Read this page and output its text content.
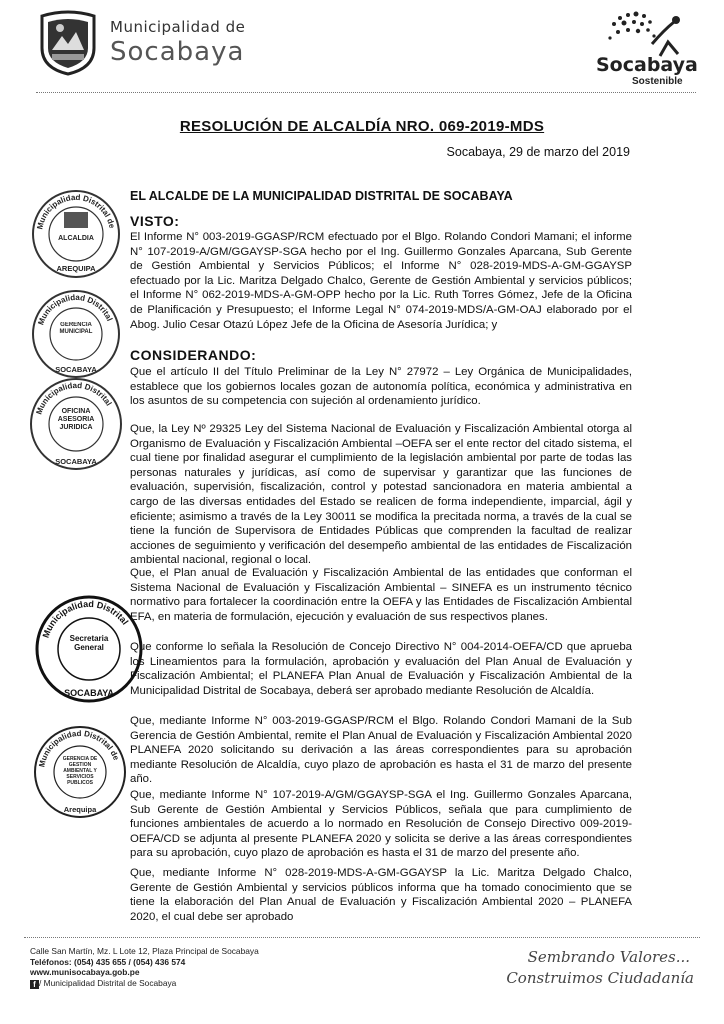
Municipalidad de
Socabaya	Socabaya
Sostenible
RESOLUCIÓN DE ALCALDÍA NRO. 069-2019-MDS
Socabaya, 29 de marzo del 2019
EL ALCALDE DE LA MUNICIPALIDAD DISTRITAL DE SOCABAYA
VISTO:
El Informe N° 003-2019-GGASP/RCM efectuado por el Blgo. Rolando Condori Mamani; el informe N° 107-2019-A/GM/GGAYSP-SGA hecho por el Ing. Guillermo Gonzales Aparcana, Sub Gerente de Gestión Ambiental y Servicios Públicos; el Informe N° 028-2019-MDS-A-GM-GGAYSP efectuado por la Lic. Maritza Delgado Chalco, Gerente de Gestión Ambiental y servicios públicos; el Informe N° 062-2019-MDS-A-GM-OPP hecho por la Lic. Ruth Torres Gómez, Jefe de la Oficina de Planificación y Presupuesto; el Informe Legal N° 074-2019-MDS/A-GM-OAJ elaborado por el Abog. Julio Cesar Otazú López Jefe de la Oficina de Asesoría Jurídica; y
CONSIDERANDO:
Que el artículo II del Título Preliminar de la Ley N° 27972 – Ley Orgánica de Municipalidades, establece que los gobiernos locales gozan de autonomía política, económica y administrativa en los asuntos de su competencia con sujeción al ordenamiento jurídico.
Que, la Ley Nº 29325 Ley del Sistema Nacional de Evaluación y Fiscalización Ambiental otorga al Organismo de Evaluación y Fiscalización Ambiental –OEFA ser el ente rector del citado sistema, el cual tiene por finalidad asegurar el cumplimiento de la legislación ambiental por parte de todas las personas naturales y jurídicas, así como de supervisar y garantizar que las funciones de evaluación, supervisión, fiscalización, control y potestad sancionadora en materia ambiental a cargo de las diversas entidades del Estado se realicen de forma independiente, imparcial, ágil y eficiente; asimismo a través de la Ley 30011 se modifica la precitada norma, a través de la cual se tiene la función de Supervisora de Entidades Públicas que comprenden la facultad de realizar acciones de seguimiento y verificación del desempeño ambiental de las entidades de Fiscalización ambiental nacional, regional o local.
Que, el Plan anual de Evaluación y Fiscalización Ambiental de las entidades que conforman el Sistema Nacional de Evaluación y Fiscalización Ambiental – SINEFA es un instrumento técnico normativo para fortalecer la coordinación entre la OEFA y las Entidades de Fiscalización Ambiental EFA, en materia de formulación, ejecución y evaluación de sus respectivos planes.
Que conforme lo señala la Resolución de Concejo Directivo N° 004-2014-OEFA/CD que aprueba los Lineamientos para la formulación, aprobación y evaluación del Plan Anual de Evaluación y Fiscalización Ambiental; el PLANEFA Plan Anual de Evaluación y Fiscalización Ambiental de la Municipalidad Distrital de Socabaya, deberá ser aprobado mediante Resolución de Alcaldía.
Que, mediante Informe N° 003-2019-GGASP/RCM el Blgo. Rolando Condori Mamani de la Sub Gerencia de Gestión Ambiental, remite el Plan Anual de Evaluación y Fiscalización Ambiental 2020 PLANEFA 2020 solicitando su derivación a las áreas correspondientes para su aprobación mediante Resolución de Alcaldía, cuyo plazo de aprobación es hasta el 31 de marzo del presente año.
Que, mediante Informe N° 107-2019-A/GM/GGAYSP-SGA el Ing. Guillermo Gonzales Aparcana, Sub Gerente de Gestión Ambiental y Servicios Públicos, señala que para cumplimiento de funciones ambientales de acuerdo a lo normado en Resolución de Consejo Directivo 009-2019-OEFA/CD se adjunta al presente PLANEFA 2020 y solicita se derive a las áreas correspondientes para su aprobación, cuyo plazo de aprobación es hasta el 31 de marzo del presente año.
Que, mediante Informe N° 028-2019-MDS-A-GM-GGAYSP la Lic. Maritza Delgado Chalco, Gerente de Gestión Ambiental y servicios públicos informa que ha tomado conocimiento que se tiene la elaboración del Plan Anual de Evaluación y Fiscalización Ambiental 2020 – PLANEFA 2020, el cual debe ser aprobado
Municipalidad Distrital de
ALCALDIA
AREQUIPA
Municipalidad Distrital
GERENCIA MUNICIPAL
SOCABAYA
Municipalidad Distrital
OFICINA ASESORIA JURIDICA
SOCABAYA
Municipalidad Distrital
Secretaria General
SOCABAYA
Municipalidad Distrital de
GERENCIA DE GESTION AMBIENTAL Y SERVICIOS PUBLICOS
Arequipa
Calle San Martín, Mz. L Lote 12, Plaza Principal de Socabaya
Teléfonos: (054) 435 655 / (054) 436 574
www.munisocabaya.gob.pe
f / Municipalidad Distrital de Socabaya
Sembrando Valores...
Construimos Ciudadanía
